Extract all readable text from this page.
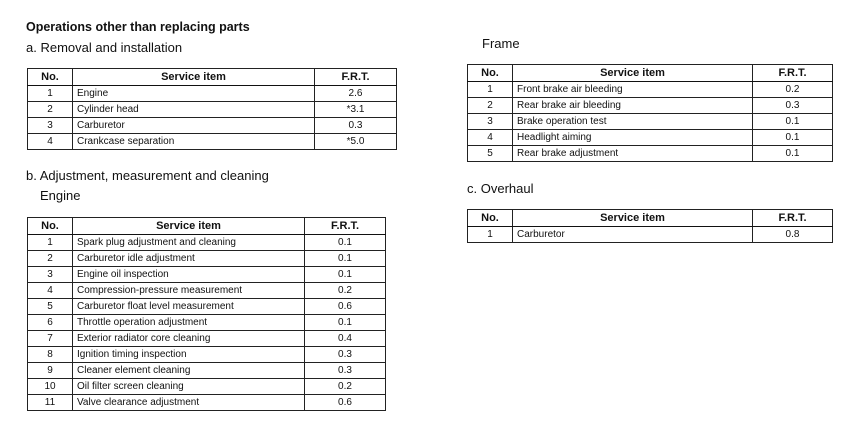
Operations other than replacing parts
a. Removal and installation
No.	Service item	F.R.T.
1	Engine	2.6
2	Cylinder head	*3.1
3	Carburetor	0.3
4	Crankcase separation	*5.0
b. Adjustment, measurement and cleaning
Engine
No.	Service item	F.R.T.
1	Spark plug adjustment and cleaning	0.1
2	Carburetor idle adjustment	0.1
3	Engine oil inspection	0.1
4	Compression-pressure measurement	0.2
5	Carburetor float level measurement	0.6
6	Throttle operation adjustment	0.1
7	Exterior radiator core cleaning	0.4
8	Ignition timing inspection	0.3
9	Cleaner element cleaning	0.3
10	Oil filter screen cleaning	0.2
11	Valve clearance adjustment	0.6
Frame
No.	Service item	F.R.T.
1	Front brake air bleeding	0.2
2	Rear brake air bleeding	0.3
3	Brake operation test	0.1
4	Headlight aiming	0.1
5	Rear brake adjustment	0.1
c. Overhaul
No.	Service item	F.R.T.
1	Carburetor	0.8
